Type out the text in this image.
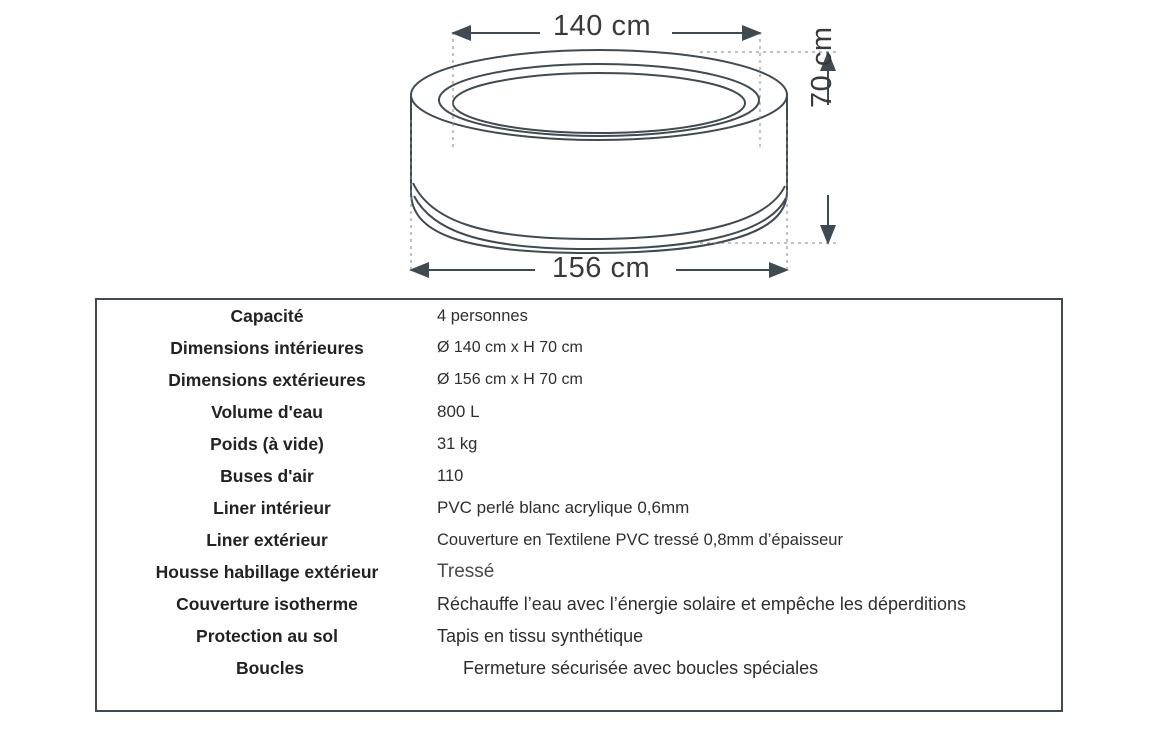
140 cm
156 cm
70 cm
Capacité	4 personnes
Dimensions intérieures	Ø 140 cm x H 70 cm
Dimensions extérieures	Ø 156 cm x H 70 cm
Volume d'eau	800 L
Poids (à vide)	31 kg
Buses d'air	110
Liner intérieur	PVC perlé blanc acrylique 0,6mm
Liner extérieur	Couverture en Textilene PVC tressé 0,8mm d’épaisseur
Housse habillage extérieur	Tressé
Couverture isotherme	Réchauffe l’eau avec l’énergie solaire et empêche les déperditions
Protection au sol	Tapis en tissu synthétique
Boucles	Fermeture sécurisée avec boucles spéciales
